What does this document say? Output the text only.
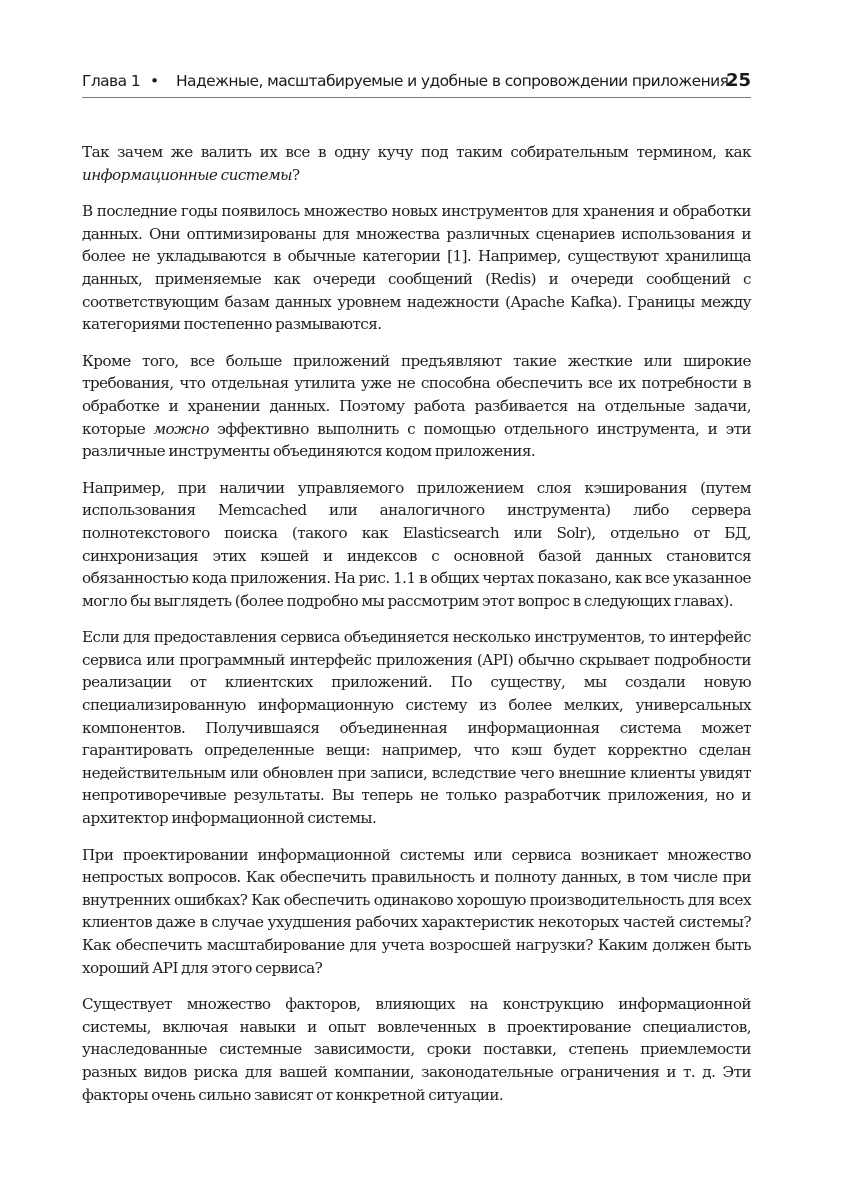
Глава 1 • Надежные, масштабируемые и удобные в сопровождении приложения
25

Так зачем же валить их все в одну кучу под таким собирательным термином, как информационные системы?

В последние годы появилось множество новых инструментов для хранения и обработки данных. Они оптимизированы для множества различных сценариев использования и более не укладываются в обычные категории [1]. Например, существуют хранилища данных, применяемые как очереди сообщений (Redis) и очереди сообщений с соответствующим базам данных уровнем надежности (Apache Kafka). Границы между категориями постепенно размываются.

Кроме того, все больше приложений предъявляют такие жесткие или широкие требования, что отдельная утилита уже не способна обеспечить все их потребности в обработке и хранении данных. Поэтому работа разбивается на отдельные задачи, которые можно эффективно выполнить с помощью отдельного инструмента, и эти различные инструменты объединяются кодом приложения.

Например, при наличии управляемого приложением слоя кэширования (путем использования Memcached или аналогичного инструмента) либо сервера полнотекстового поиска (такого как Elasticsearch или Solr), отдельно от БД, синхронизация этих кэшей и индексов с основной базой данных становится обязанностью кода приложения. На рис. 1.1 в общих чертах показано, как все указанное могло бы выглядеть (более подробно мы рассмотрим этот вопрос в следующих главах).

Если для предоставления сервиса объединяется несколько инструментов, то интерфейс сервиса или программный интерфейс приложения (API) обычно скрывает подробности реализации от клиентских приложений. По существу, мы создали новую специализированную информационную систему из более мелких, универсальных компонентов. Получившаяся объединенная информационная система может гарантировать определенные вещи: например, что кэш будет корректно сделан недействительным или обновлен при записи, вследствие чего внешние клиенты увидят непротиворечивые результаты. Вы теперь не только разработчик приложения, но и архитектор информационной системы.

При проектировании информационной системы или сервиса возникает множество непростых вопросов. Как обеспечить правильность и полноту данных, в том числе при внутренних ошибках? Как обеспечить одинаково хорошую производительность для всех клиентов даже в случае ухудшения рабочих характеристик некоторых частей системы? Как обеспечить масштабирование для учета возросшей нагрузки? Каким должен быть хороший API для этого сервиса?

Существует множество факторов, влияющих на конструкцию информационной системы, включая навыки и опыт вовлеченных в проектирование специалистов, унаследованные системные зависимости, сроки поставки, степень приемлемости разных видов риска для вашей компании, законодательные ограничения и т. д. Эти факторы очень сильно зависят от конкретной ситуации.
